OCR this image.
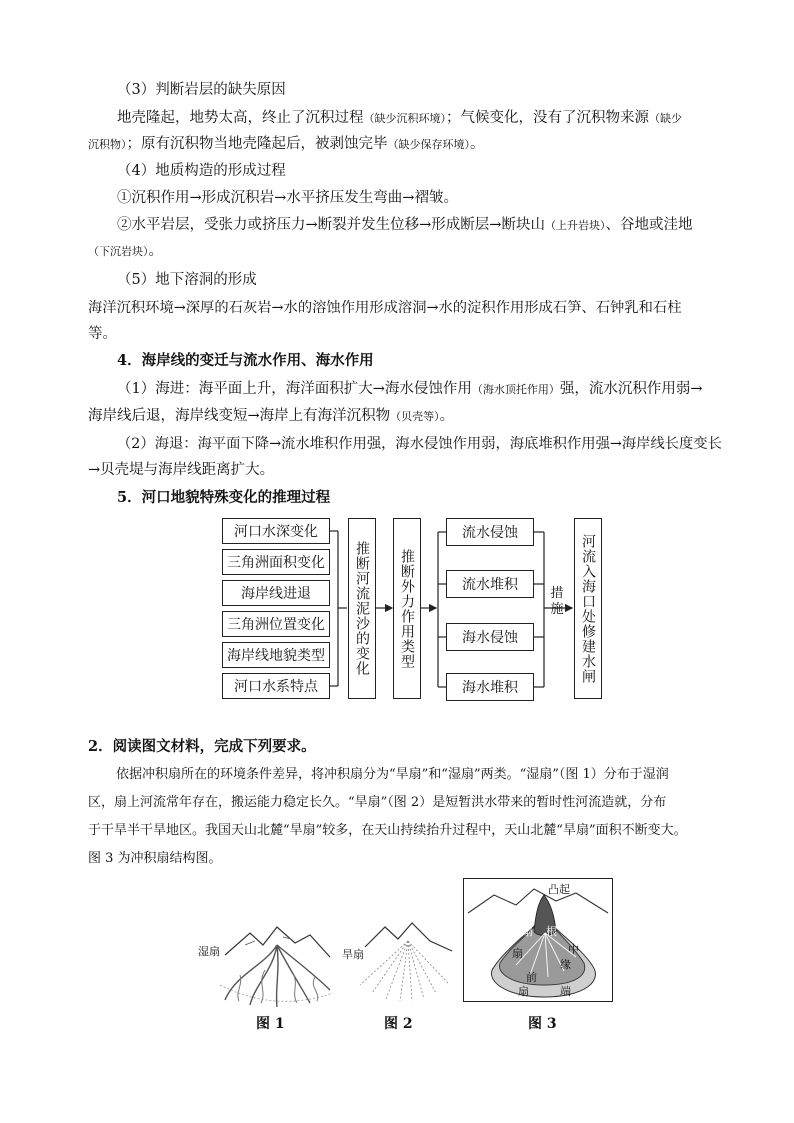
（3）判断岩层的缺失原因
地壳隆起，地势太高，终止了沉积过程（缺少沉积环境）；气候变化，没有了沉积物来源（缺少
沉积物）；原有沉积物当地壳隆起后，被剥蚀完毕（缺少保存环境）。
（4）地质构造的形成过程
①沉积作用→形成沉积岩→水平挤压发生弯曲→褶皱。
②水平岩层，受张力或挤压力→断裂并发生位移→形成断层→断块山（上升岩块）、谷地或洼地
（下沉岩块）。
（5）地下溶洞的形成
海洋沉积环境→深厚的石灰岩→水的溶蚀作用形成溶洞→水的淀积作用形成石笋、石钟乳和石柱
等。
4．海岸线的变迁与流水作用、海水作用
（1）海进：海平面上升，海洋面积扩大→海水侵蚀作用（海水顶托作用）强，流水沉积作用弱→
海岸线后退，海岸线变短→海岸上有海洋沉积物（贝壳等）。
（2）海退：海平面下降→流水堆积作用强，海水侵蚀作用弱，海底堆积作用强→海岸线长度变长
→贝壳堤与海岸线距离扩大。
5．河口地貌特殊变化的推理过程
河口水深变化
三角洲面积变化
海岸线进退
三角洲位置变化
海岸线地貌类型
河口水系特点
推断河流泥沙的变化	推断外力作用类型
流水侵蚀
流水堆积
海水侵蚀
海水堆积
河流入海口处修建水闸
措施
2．阅读图文材料，完成下列要求。
依据冲积扇所在的环境条件差异，将冲积扇分为“旱扇”和“湿扇”两类。“湿扇”（图 1）分布于湿润
区，扇上河流常年存在，搬运能力稳定长久。“旱扇”（图 2）是短暂洪水带来的暂时性河流造就，分布
于干旱半干旱地区。我国天山北麓“旱扇”较多，在天山持续抬升过程中，天山北麓“旱扇”面积不断变大。
图 3 为冲积扇结构图。
湿扇	旱扇
凸起
扇 根
扇	中
缘
前
扇	端
图 1	图 2	图 3
